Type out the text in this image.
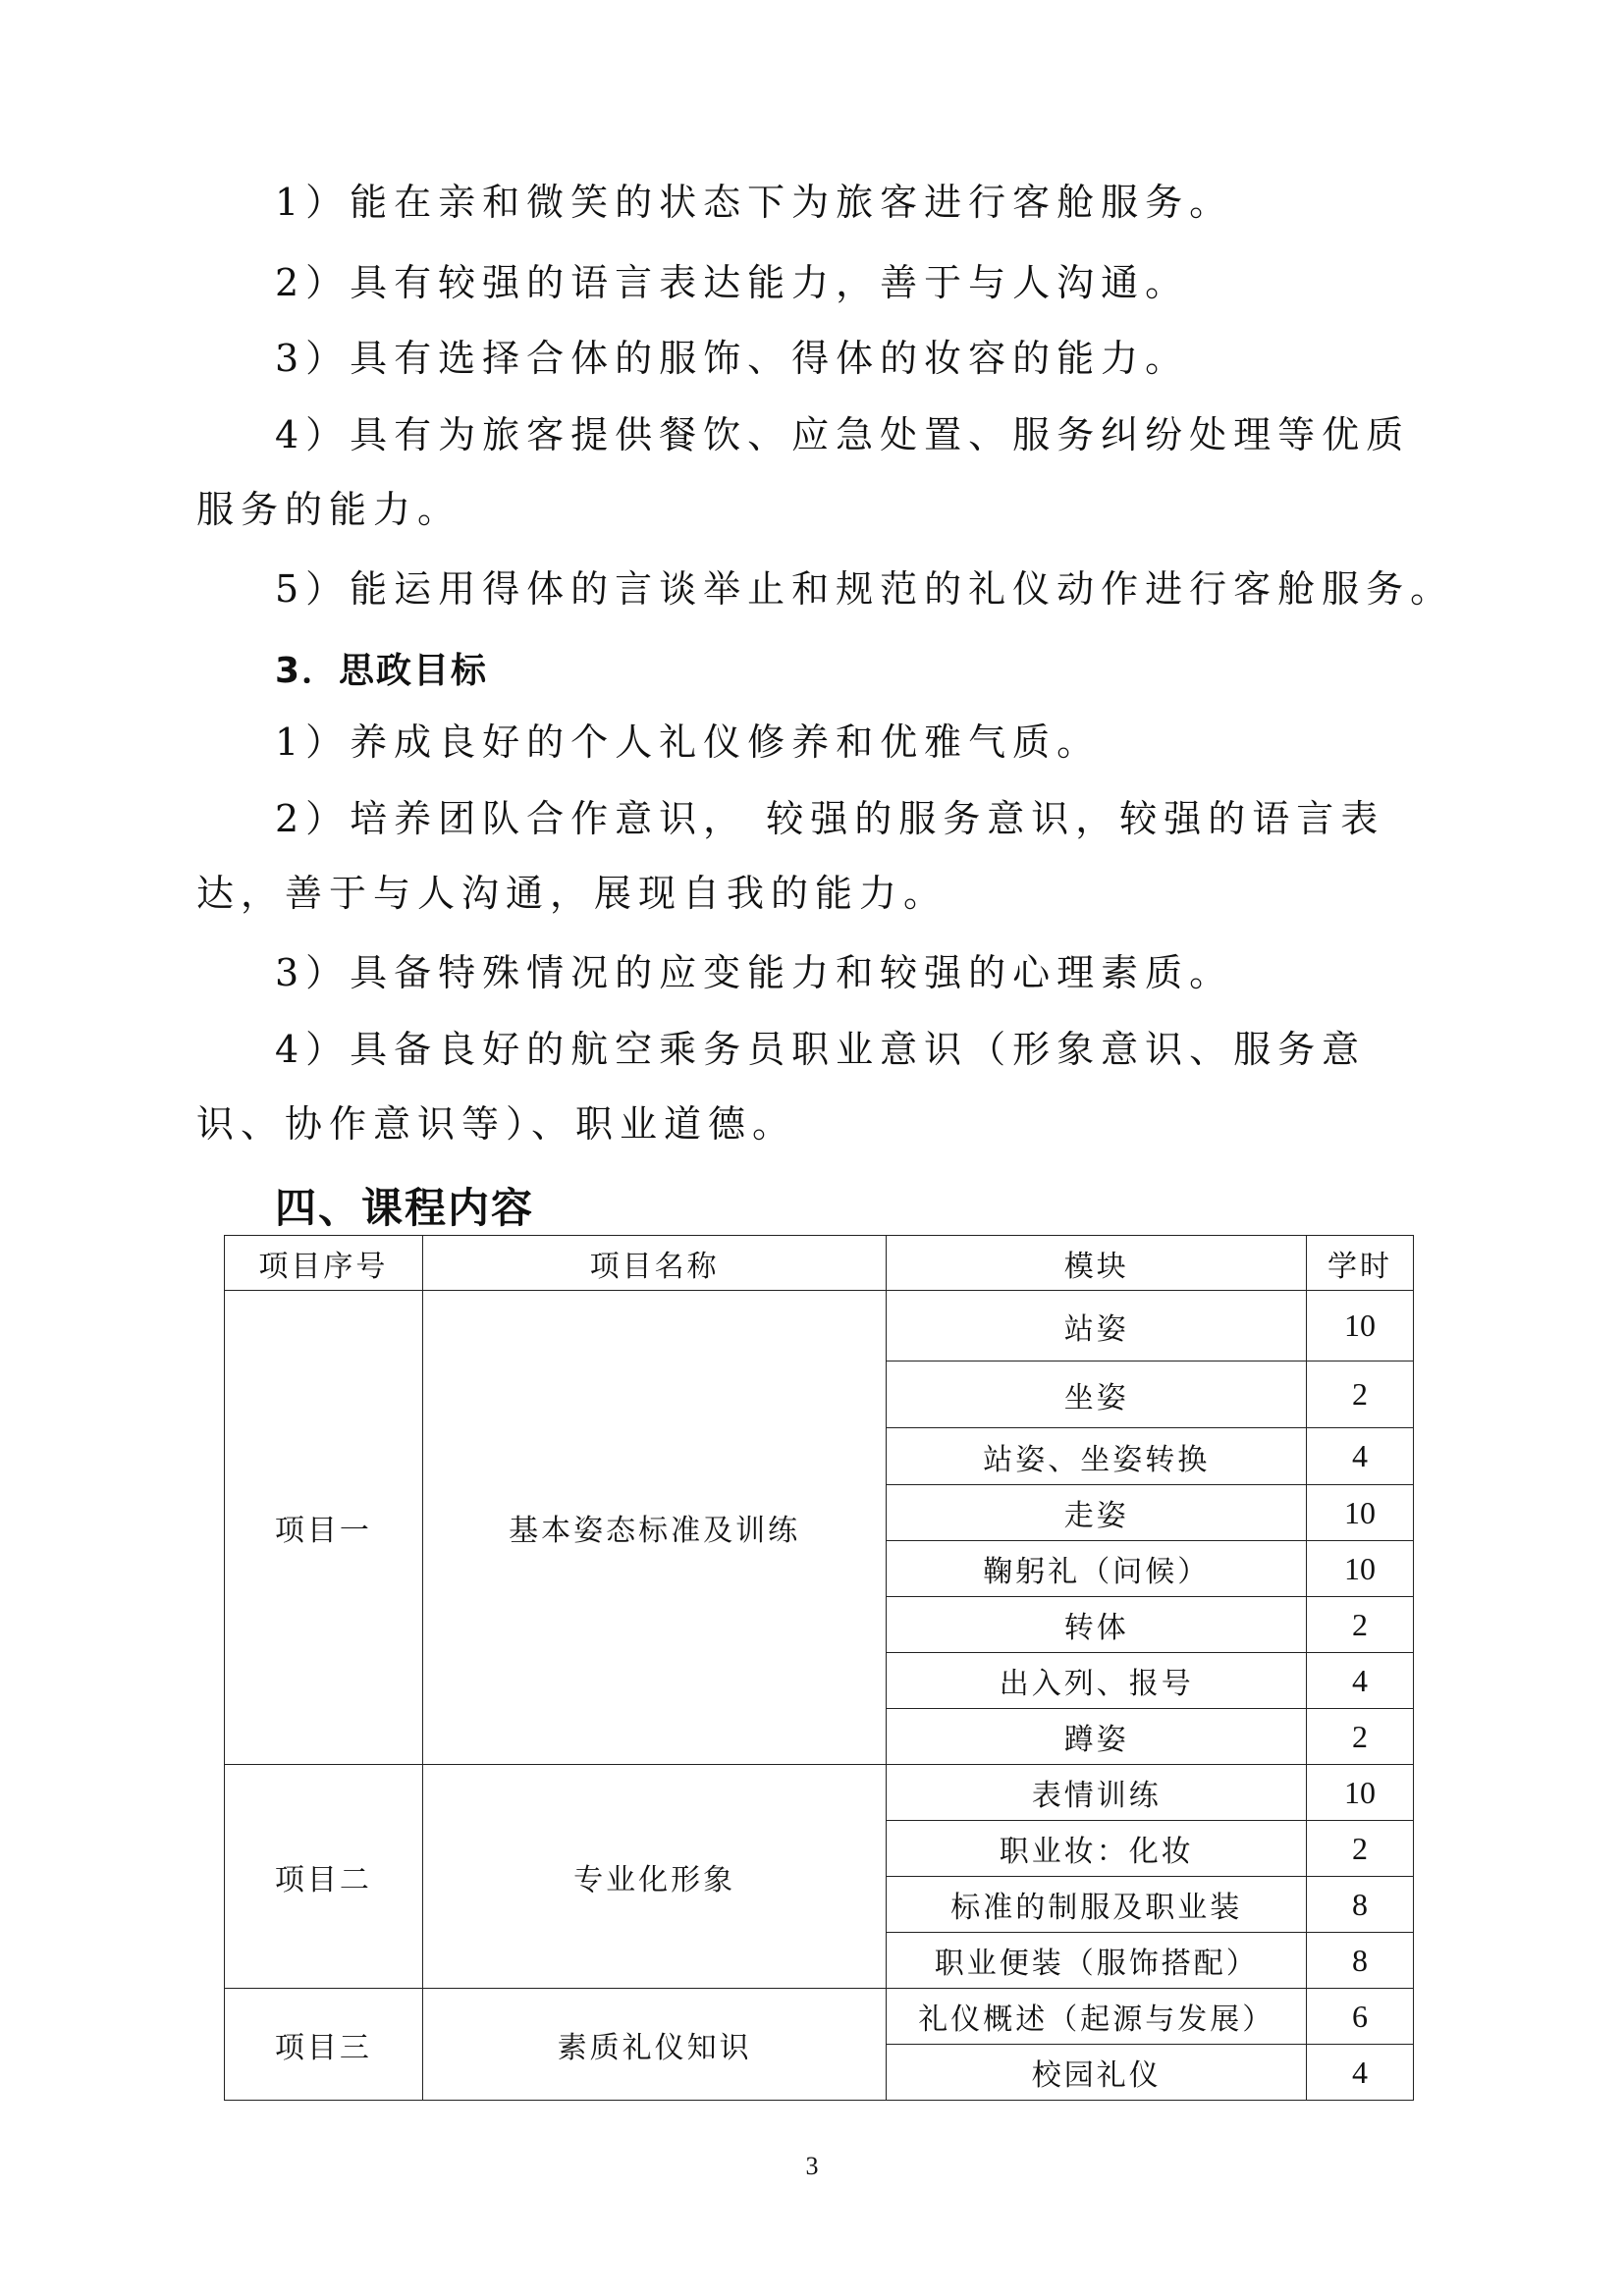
1）能在亲和微笑的状态下为旅客进行客舱服务。

2）具有较强的语言表达能力，善于与人沟通。

3）具有选择合体的服饰、得体的妆容的能力。

4）具有为旅客提供餐饮、应急处置、服务纠纷处理等优质服务的能力。

5）能运用得体的言谈举止和规范的礼仪动作进行客舱服务。

3．思政目标

1）养成良好的个人礼仪修养和优雅气质。

2）培养团队合作意识， 较强的服务意识，较强的语言表达，善于与人沟通，展现自我的能力。

3）具备特殊情况的应变能力和较强的心理素质。

4）具备良好的航空乘务员职业意识（形象意识、服务意识、协作意识等）、职业道德。

四、课程内容

项目序号	项目名称	模块	学时
项目一	基本姿态标准及训练	站姿	10
		坐姿	2
		站姿、坐姿转换	4
		走姿	10
		鞠躬礼（问候）	10
		转体	2
		出入列、报号	4
		蹲姿	2
项目二	专业化形象	表情训练	10
		职业妆：化妆	2
		标准的制服及职业装	8
		职业便装（服饰搭配）	8
项目三	素质礼仪知识	礼仪概述（起源与发展）	6
		校园礼仪	4

3
